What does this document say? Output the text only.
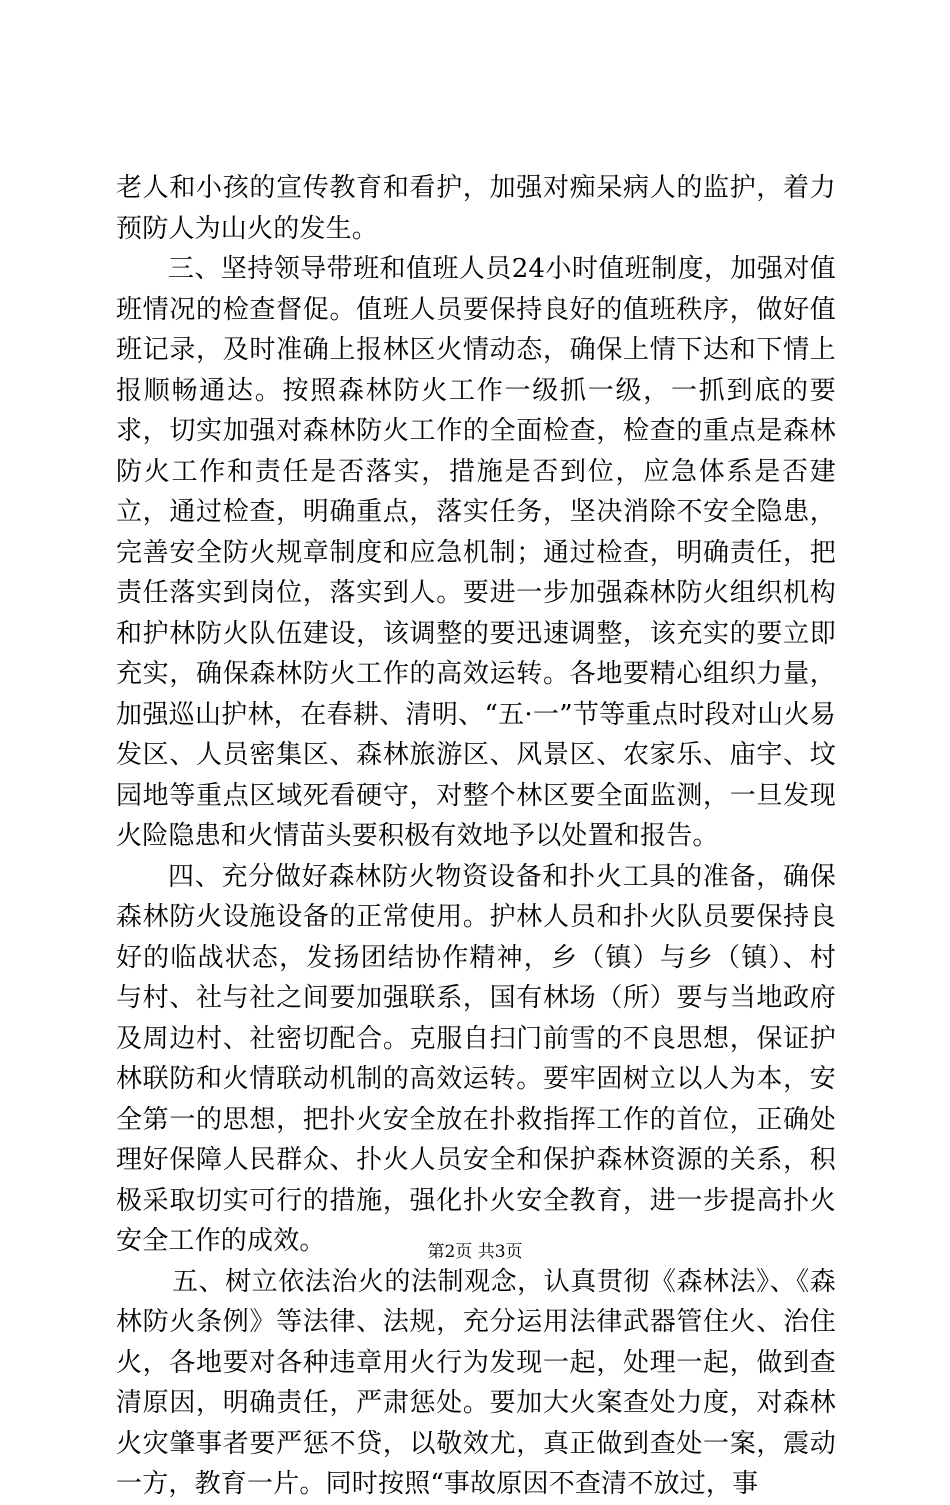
老人和小孩的宣传教育和看护，加强对痴呆病人的监护，着力预防人为山火的发生。

三、坚持领导带班和值班人员24小时值班制度，加强对值班情况的检查督促。值班人员要保持良好的值班秩序，做好值班记录，及时准确上报林区火情动态，确保上情下达和下情上报顺畅通达。按照森林防火工作一级抓一级，一抓到底的要求，切实加强对森林防火工作的全面检查，检查的重点是森林防火工作和责任是否落实，措施是否到位，应急体系是否建立，通过检查，明确重点，落实任务，坚决消除不安全隐患，完善安全防火规章制度和应急机制；通过检查，明确责任，把责任落实到岗位，落实到人。要进一步加强森林防火组织机构和护林防火队伍建设，该调整的要迅速调整，该充实的要立即充实，确保森林防火工作的高效运转。各地要精心组织力量，加强巡山护林，在春耕、清明、“五·一”节等重点时段对山火易发区、人员密集区、森林旅游区、风景区、农家乐、庙宇、坟园地等重点区域死看硬守，对整个林区要全面监测，一旦发现火险隐患和火情苗头要积极有效地予以处置和报告。

四、充分做好森林防火物资设备和扑火工具的准备，确保森林防火设施设备的正常使用。护林人员和扑火队员要保持良好的临战状态，发扬团结协作精神，乡（镇）与乡（镇）、村与村、社与社之间要加强联系，国有林场（所）要与当地政府及周边村、社密切配合。克服自扫门前雪的不良思想，保证护林联防和火情联动机制的高效运转。要牢固树立以人为本，安全第一的思想，把扑火安全放在扑救指挥工作的首位，正确处理好保障人民群众、扑火人员安全和保护森林资源的关系，积极采取切实可行的措施，强化扑火安全教育，进一步提高扑火安全工作的成效。

五、树立依法治火的法制观念，认真贯彻《森林法》、《森林防火条例》等法律、法规，充分运用法律武器管住火、治住火，各地要对各种违章用火行为发现一起，处理一起，做到查清原因，明确责任，严肃惩处。要加大火案查处力度，对森林火灾肇事者要严惩不贷，以敬效尤，真正做到查处一案，震动一方，教育一片。同时按照“事故原因不查清不放过，事

第2页 共3页
